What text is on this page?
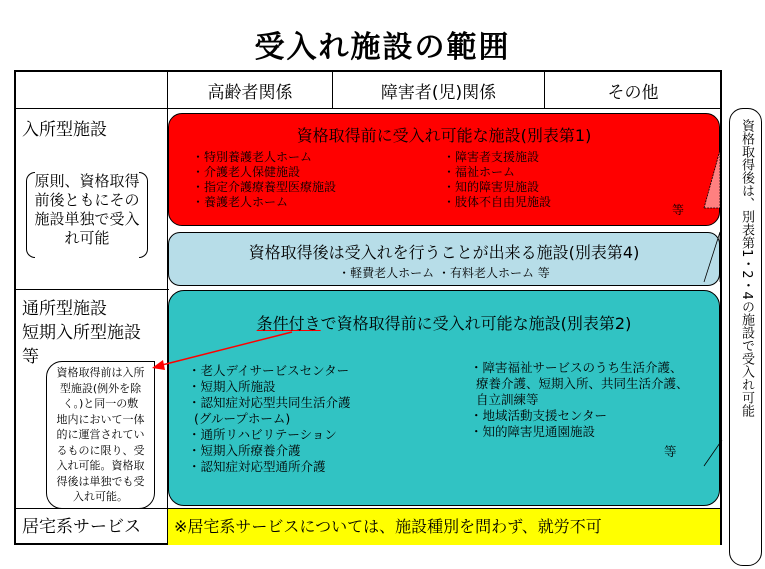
受入れ施設の範囲
高齢者関係	障害者(児)関係	その他
入所型施設
原則、資格取得前後ともにその施設単独で受入れ可能
通所型施設
短期入所型施設
等
居宅系サービス ※居宅系サービスについては、施設種別を問わず、就労不可
資格取得前に受入れ可能な施設(別表第1)
・特別養護老人ホーム
・介護老人保健施設
・指定介護療養型医療施設
・養護老人ホーム
・障害者支援施設
・福祉ホーム
・知的障害児施設
・肢体不自由児施設
等
資格取得後は受入れを行うことが出来る施設(別表第4)
・軽費老人ホーム ・有料老人ホーム 等
条件付きで資格取得前に受入れ可能な施設(別表第2)
・老人デイサービスセンター
・短期入所施設
・認知症対応型共同生活介護
(グループホーム)
・通所リハビリテーション
・短期入所療養介護
・認知症対応型通所介護
・障害福祉サービスのうち生活介護、
療養介護、短期入所、共同生活介護、
自立訓練等
・地域活動支援センター
・知的障害児通園施設
等
資格取得前は入所
型施設(例外を除
く。)と同一の敷
地内において一体
的に運営されてい
るものに限り、受
入れ可能。資格取
得後は単独でも受
入れ可能。
資格取得後は、別表第1・2・4の施設で受入れ可能
